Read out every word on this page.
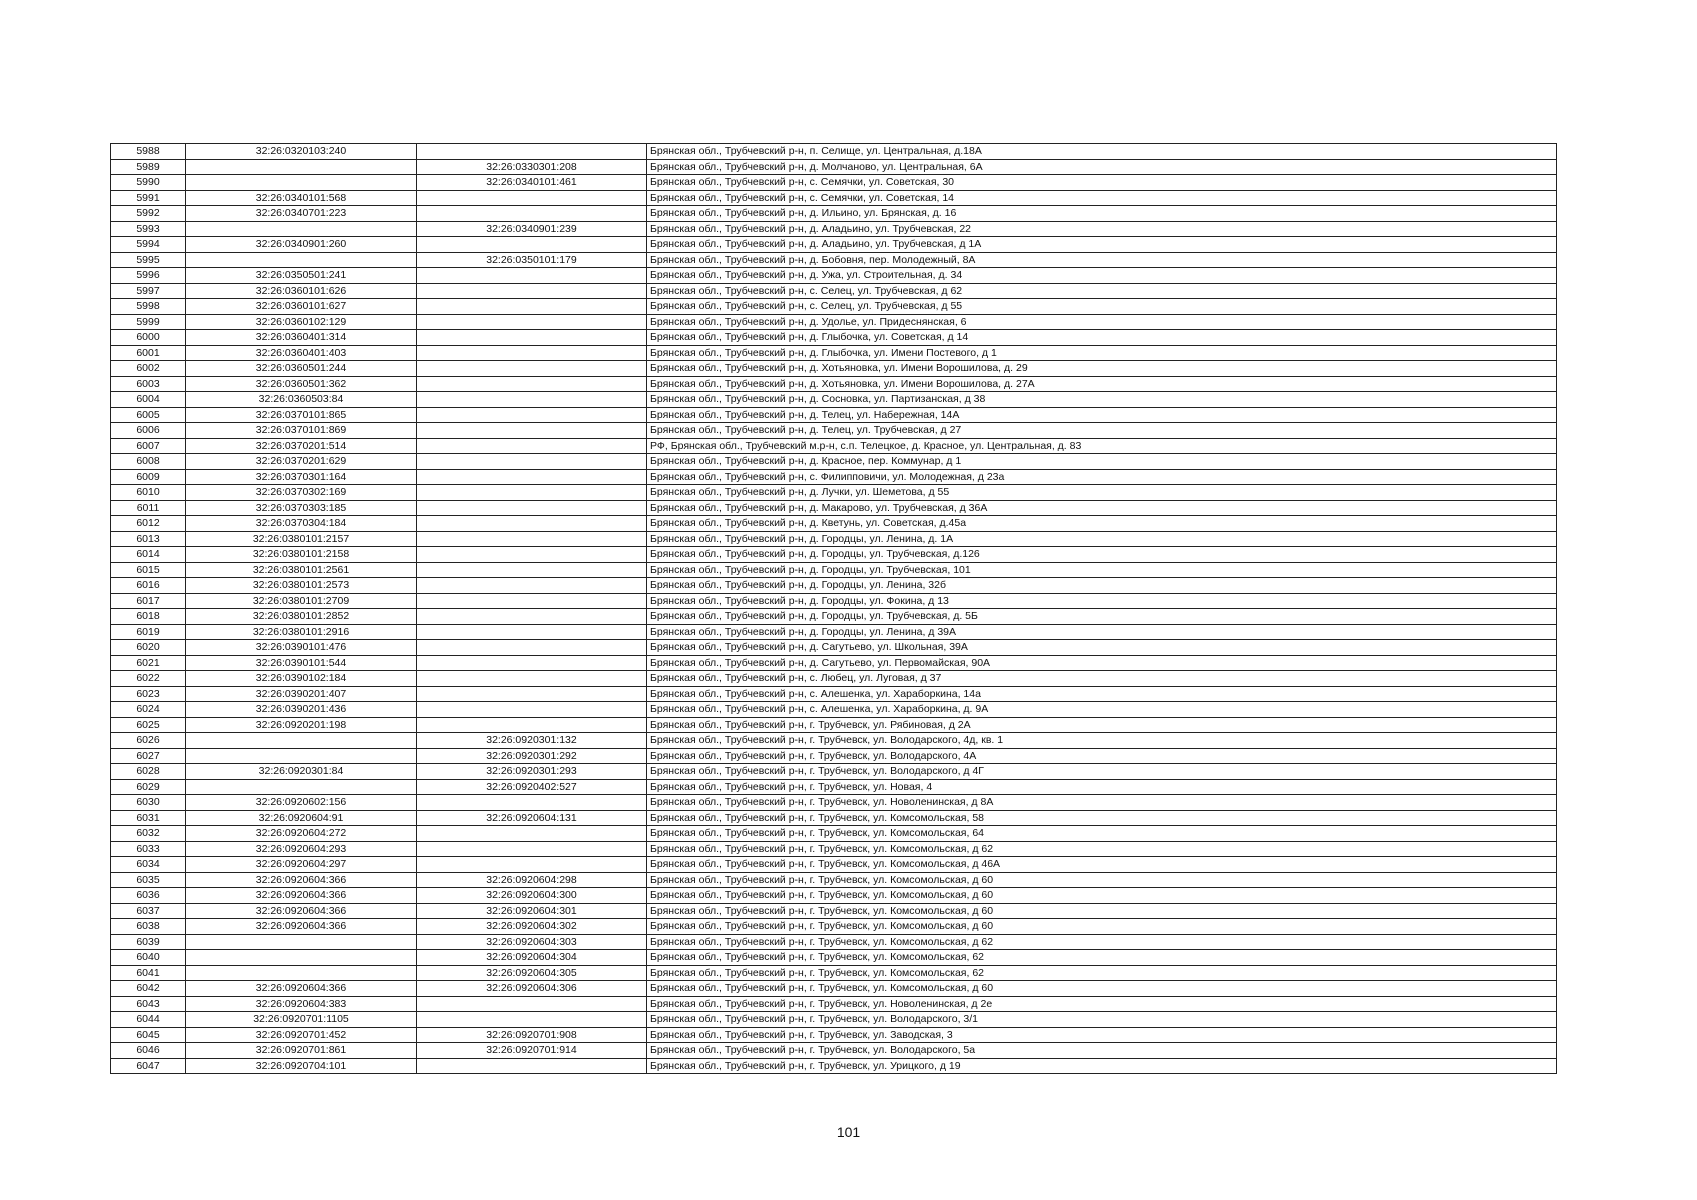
5988	32:26:0320103:240		Брянская обл., Трубчевский р-н, п. Селище, ул. Центральная, д.18А
5989		32:26:0330301:208	Брянская обл., Трубчевский р-н, д. Молчаново, ул. Центральная, 6А
5990		32:26:0340101:461	Брянская обл., Трубчевский р-н, с. Семячки, ул. Советская, 30
5991	32:26:0340101:568		Брянская обл., Трубчевский р-н, с. Семячки, ул. Советская, 14
5992	32:26:0340701:223		Брянская обл., Трубчевский р-н, д. Ильино, ул. Брянская, д. 16
5993		32:26:0340901:239	Брянская обл., Трубчевский р-н, д. Аладьино, ул. Трубчевская, 22
5994	32:26:0340901:260		Брянская обл., Трубчевский р-н, д. Аладьино, ул. Трубчевская, д 1А
5995		32:26:0350101:179	Брянская обл., Трубчевский р-н, д. Бобовня, пер. Молодежный, 8А
5996	32:26:0350501:241		Брянская обл., Трубчевский р-н, д. Ужа, ул. Строительная, д. 34
5997	32:26:0360101:626		Брянская обл., Трубчевский р-н, с. Селец, ул. Трубчевская, д 62
5998	32:26:0360101:627		Брянская обл., Трубчевский р-н, с. Селец, ул. Трубчевская, д 55
5999	32:26:0360102:129		Брянская обл., Трубчевский р-н, д. Удолье, ул. Придеснянская, 6
6000	32:26:0360401:314		Брянская обл., Трубчевский р-н, д. Глыбочка, ул. Советская, д 14
6001	32:26:0360401:403		Брянская обл., Трубчевский р-н, д. Глыбочка, ул. Имени Постевого, д 1
6002	32:26:0360501:244		Брянская обл., Трубчевский р-н, д. Хотьяновка, ул. Имени Ворошилова, д. 29
6003	32:26:0360501:362		Брянская обл., Трубчевский р-н, д. Хотьяновка, ул. Имени Ворошилова, д. 27А
6004	32:26:0360503:84		Брянская обл., Трубчевский р-н, д. Сосновка, ул. Партизанская, д 38
6005	32:26:0370101:865		Брянская обл., Трубчевский р-н, д. Телец, ул. Набережная, 14А
6006	32:26:0370101:869		Брянская обл., Трубчевский р-н, д. Телец, ул. Трубчевская, д 27
6007	32:26:0370201:514		РФ, Брянская обл., Трубчевский м.р-н, с.п. Телецкое, д. Красное, ул. Центральная, д. 83
6008	32:26:0370201:629		Брянская обл., Трубчевский р-н, д. Красное, пер. Коммунар, д 1
6009	32:26:0370301:164		Брянская обл., Трубчевский р-н, с. Филипповичи, ул. Молодежная, д 23а
6010	32:26:0370302:169		Брянская обл., Трубчевский р-н, д. Лучки, ул. Шеметова, д 55
6011	32:26:0370303:185		Брянская обл., Трубчевский р-н, д. Макарово, ул. Трубчевская, д 36А
6012	32:26:0370304:184		Брянская обл., Трубчевский р-н, д. Кветунь, ул. Советская, д.45а
6013	32:26:0380101:2157		Брянская обл., Трубчевский р-н, д. Городцы, ул. Ленина, д. 1А
6014	32:26:0380101:2158		Брянская обл., Трубчевский р-н, д. Городцы, ул. Трубчевская, д.126
6015	32:26:0380101:2561		Брянская обл., Трубчевский р-н, д. Городцы, ул. Трубчевская, 101
6016	32:26:0380101:2573		Брянская обл., Трубчевский р-н, д. Городцы, ул. Ленина, 32б
6017	32:26:0380101:2709		Брянская обл., Трубчевский р-н, д. Городцы, ул. Фокина, д 13
6018	32:26:0380101:2852		Брянская обл., Трубчевский р-н, д. Городцы, ул. Трубчевская, д. 5Б
6019	32:26:0380101:2916		Брянская обл., Трубчевский р-н, д. Городцы, ул. Ленина, д 39А
6020	32:26:0390101:476		Брянская обл., Трубчевский р-н, д. Сагутьево, ул. Школьная, 39А
6021	32:26:0390101:544		Брянская обл., Трубчевский р-н, д. Сагутьево, ул. Первомайская, 90А
6022	32:26:0390102:184		Брянская обл., Трубчевский р-н, с. Любец, ул. Луговая, д 37
6023	32:26:0390201:407		Брянская обл., Трубчевский р-н, с. Алешенка, ул. Хараборкина, 14а
6024	32:26:0390201:436		Брянская обл., Трубчевский р-н, с. Алешенка, ул. Хараборкина, д. 9А
6025	32:26:0920201:198		Брянская обл., Трубчевский р-н, г. Трубчевск, ул. Рябиновая, д 2А
6026		32:26:0920301:132	Брянская обл., Трубчевский р-н, г. Трубчевск, ул. Володарского, 4д, кв. 1
6027		32:26:0920301:292	Брянская обл., Трубчевский р-н, г. Трубчевск, ул. Володарского, 4А
6028	32:26:0920301:84	32:26:0920301:293	Брянская обл., Трубчевский р-н, г. Трубчевск, ул. Володарского, д 4Г
6029		32:26:0920402:527	Брянская обл., Трубчевский р-н, г. Трубчевск, ул. Новая, 4
6030	32:26:0920602:156		Брянская обл., Трубчевский р-н, г. Трубчевск, ул. Новоленинская, д 8А
6031	32:26:0920604:91	32:26:0920604:131	Брянская обл., Трубчевский р-н, г. Трубчевск, ул. Комсомольская, 58
6032	32:26:0920604:272		Брянская обл., Трубчевский р-н, г. Трубчевск, ул. Комсомольская, 64
6033	32:26:0920604:293		Брянская обл., Трубчевский р-н, г. Трубчевск, ул. Комсомольская, д 62
6034	32:26:0920604:297		Брянская обл., Трубчевский р-н, г. Трубчевск, ул. Комсомольская, д 46А
6035	32:26:0920604:366	32:26:0920604:298	Брянская обл., Трубчевский р-н, г. Трубчевск, ул. Комсомольская, д 60
6036	32:26:0920604:366	32:26:0920604:300	Брянская обл., Трубчевский р-н, г. Трубчевск, ул. Комсомольская, д 60
6037	32:26:0920604:366	32:26:0920604:301	Брянская обл., Трубчевский р-н, г. Трубчевск, ул. Комсомольская, д 60
6038	32:26:0920604:366	32:26:0920604:302	Брянская обл., Трубчевский р-н, г. Трубчевск, ул. Комсомольская, д 60
6039		32:26:0920604:303	Брянская обл., Трубчевский р-н, г. Трубчевск, ул. Комсомольская, д 62
6040		32:26:0920604:304	Брянская обл., Трубчевский р-н, г. Трубчевск, ул. Комсомольская, 62
6041		32:26:0920604:305	Брянская обл., Трубчевский р-н, г. Трубчевск, ул. Комсомольская, 62
6042	32:26:0920604:366	32:26:0920604:306	Брянская обл., Трубчевский р-н, г. Трубчевск, ул. Комсомольская, д 60
6043	32:26:0920604:383		Брянская обл., Трубчевский р-н, г. Трубчевск, ул. Новоленинская, д 2е
6044	32:26:0920701:1105		Брянская обл., Трубчевский р-н, г. Трубчевск, ул. Володарского, 3/1
6045	32:26:0920701:452	32:26:0920701:908	Брянская обл., Трубчевский р-н, г. Трубчевск, ул. Заводская, 3
6046	32:26:0920701:861	32:26:0920701:914	Брянская обл., Трубчевский р-н, г. Трубчевск, ул. Володарского, 5а
6047	32:26:0920704:101		Брянская обл., Трубчевский р-н, г. Трубчевск, ул. Урицкого, д 19
101
